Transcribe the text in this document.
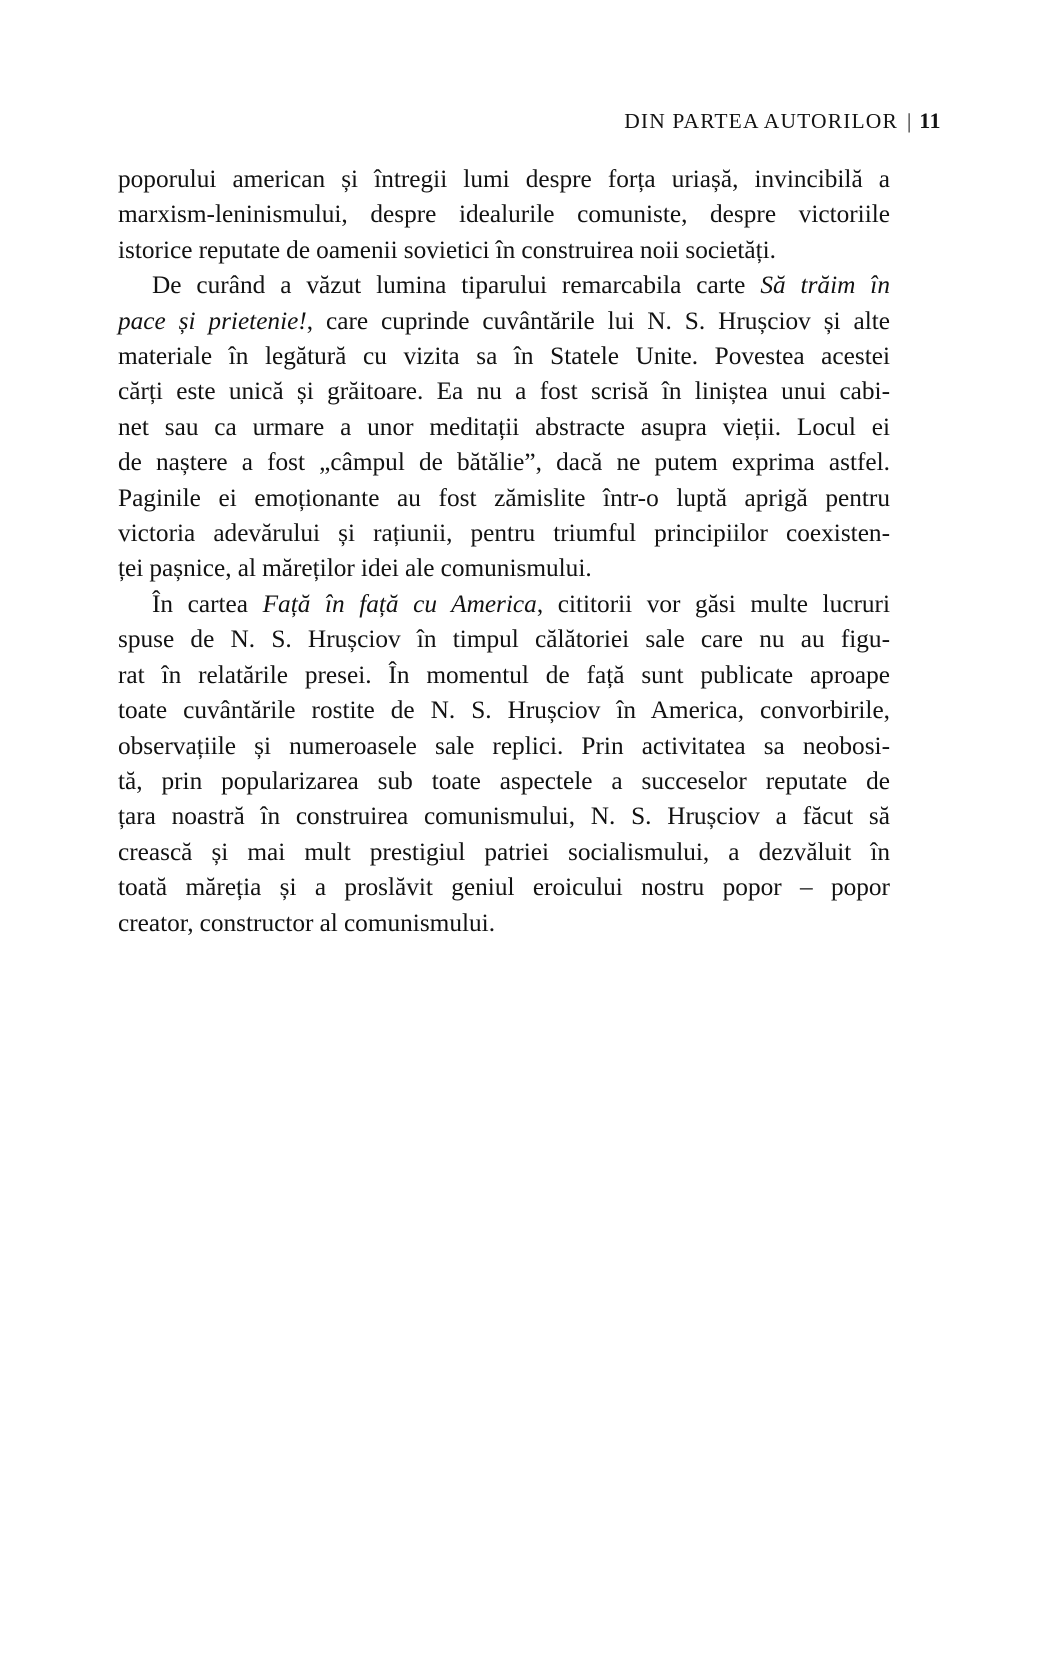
DIN PARTEA AUTORILOR | 11

poporului american și întregii lumi despre forța uriașă, invincibilă a
marxism-leninismului, despre idealurile comuniste, despre victoriile
istorice reputate de oamenii sovietici în construirea noii societăți.

De curând a văzut lumina tiparului remarcabila carte Să trăim în
pace și prietenie!, care cuprinde cuvântările lui N. S. Hrușciov și alte
materiale în legătură cu vizita sa în Statele Unite. Povestea acestei
cărți este unică și grăitoare. Ea nu a fost scrisă în liniștea unui cabi-
net sau ca urmare a unor meditații abstracte asupra vieții. Locul ei
de naștere a fost „câmpul de bătălie”, dacă ne putem exprima astfel.
Paginile ei emoționante au fost zămislite într-o luptă aprigă pentru
victoria adevărului și rațiunii, pentru triumful principiilor coexisten-
ței pașnice, al măreților idei ale comunismului.

În cartea Față în față cu America, cititorii vor găsi multe lucruri
spuse de N. S. Hrușciov în timpul călătoriei sale care nu au figu-
rat în relatările presei. În momentul de față sunt publicate aproape
toate cuvântările rostite de N. S. Hrușciov în America, convorbirile,
observațiile și numeroasele sale replici. Prin activitatea sa neobosi-
tă, prin popularizarea sub toate aspectele a succeselor reputate de
țara noastră în construirea comunismului, N. S. Hrușciov a făcut să
crească și mai mult prestigiul patriei socialismului, a dezvăluit în
toată măreția și a proslăvit geniul eroicului nostru popor – popor
creator, constructor al comunismului.
